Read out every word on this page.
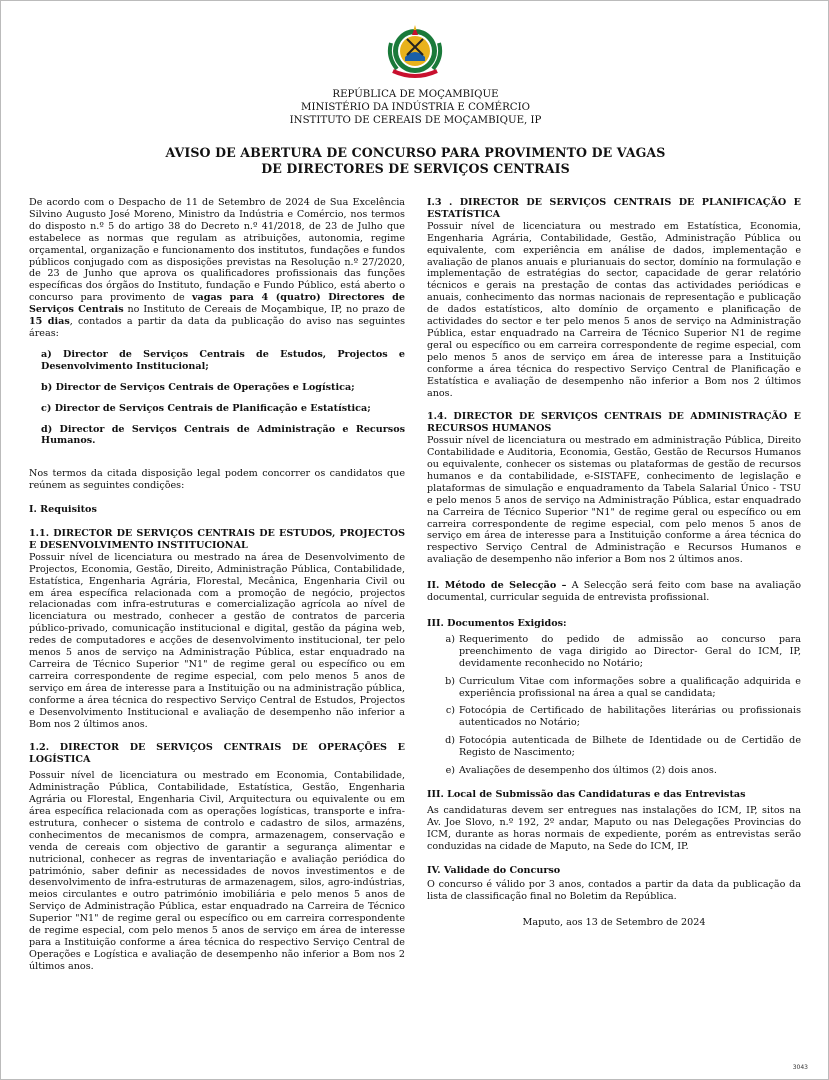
REPÚBLICA DE MOÇAMBIQUE
MINISTÉRIO DA INDÚSTRIA E COMÉRCIO
INSTITUTO DE CEREAIS DE MOÇAMBIQUE, IP
AVISO DE ABERTURA DE CONCURSO PARA PROVIMENTO DE VAGAS
DE DIRECTORES DE SERVIÇOS CENTRAIS

De acordo com o Despacho de 11 de Setembro de 2024 de Sua Excelência Silvino Augusto José Moreno, Ministro da Indústria e Comércio, nos termos do disposto n.º 5 do artigo 38 do Decreto n.º 41/2018, de 23 de Julho que estabelece as normas que regulam as atribuições, autonomia, regime orçamental, organização e funcionamento dos institutos, fundações e fundos públicos conjugado com as disposições previstas na Resolução n.º 27/2020, de 23 de Junho que aprova os qualificadores profissionais das funções específicas dos órgãos do Instituto, fundação e Fundo Público, está aberto o concurso para provimento de vagas para 4 (quatro) Directores de Serviços Centrais no Instituto de Cereais de Moçambique, IP, no prazo de 15 dias, contados a partir da data da publicação do aviso nas seguintes áreas:

a) Director de Serviços Centrais de Estudos, Projectos e Desenvolvimento Institucional;
b) Director de Serviços Centrais de Operações e Logística;
c) Director de Serviços Centrais de Planificação e Estatística;
d) Director de Serviços Centrais de Administração e Recursos Humanos.

Nos termos da citada disposição legal podem concorrer os candidatos que reúnem as seguintes condições:

I. Requisitos

1.1. DIRECTOR DE SERVIÇOS CENTRAIS DE ESTUDOS, PROJECTOS E DESENVOLVIMENTO INSTITUCIONAL

Possuir nível de licenciatura ou mestrado na área de Desenvolvimento de Projectos, Economia, Gestão, Direito, Administração Pública, Contabilidade, Estatística, Engenharia Agrária, Florestal, Mecânica, Engenharia Civil ou em área específica relacionada com a promoção de negócio, projectos relacionadas com infra-estruturas e comercialização agrícola ao nível de licenciatura ou mestrado, conhecer a gestão de contratos de parceria público-privado, comunicação institucional e digital, gestão da página web, redes de computadores e acções de desenvolvimento institucional, ter pelo menos 5 anos de serviço na Administração Pública, estar enquadrado na Carreira de Técnico Superior "N1" de regime geral ou específico ou em carreira correspondente de regime especial, com pelo menos 5 anos de serviço em área de interesse para a Instituição ou na administração pública, conforme a área técnica do respectivo Serviço Central de Estudos, Projectos e Desenvolvimento Institucional e avaliação de desempenho não inferior a Bom nos 2 últimos anos.

1.2. DIRECTOR DE SERVIÇOS CENTRAIS DE OPERAÇÕES E LOGÍSTICA

Possuir nível de licenciatura ou mestrado em Economia, Contabilidade, Administração Pública, Contabilidade, Estatística, Gestão, Engenharia Agrária ou Florestal, Engenharia Civil, Arquitectura ou equivalente ou em área específica relacionada com as operações logísticas, transporte e infra-estrutura, conhecer o sistema de controlo e cadastro de silos, armazéns, conhecimentos de mecanismos de compra, armazenagem, conservação e venda de cereais com objectivo de garantir a segurança alimentar e nutricional, conhecer as regras de inventariação e avaliação periódica do património, saber definir as necessidades de novos investimentos e de desenvolvimento de infra-estruturas de armazenagem, silos, agro-indústrias, meios circulantes e outro património imobiliária e pelo menos 5 anos de Serviço de Administração Pública, estar enquadrado na Carreira de Técnico Superior "N1" de regime geral ou específico ou em carreira correspondente de regime especial, com pelo menos 5 anos de serviço em área de interesse para a Instituição conforme a área técnica do respectivo Serviço Central de Operações e Logística e avaliação de desempenho não inferior a Bom nos 2 últimos anos.

I.3 . DIRECTOR DE SERVIÇOS CENTRAIS DE PLANIFICAÇÃO E ESTATÍSTICA

Possuir nível de licenciatura ou mestrado em Estatística, Economia, Engenharia Agrária, Contabilidade, Gestão, Administração Pública ou equivalente, com experiência em análise de dados, implementação e avaliação de planos anuais e plurianuais do sector, domínio na formulação e implementação de estratégias do sector, capacidade de gerar relatório técnicos e gerais na prestação de contas das actividades periódicas e anuais, conhecimento das normas nacionais de representação e publicação de dados estatísticos, alto domínio de orçamento e planificação de actividades do sector e ter pelo menos 5 anos de serviço na Administração Pública, estar enquadrado na Carreira de Técnico Superior N1 de regime geral ou específico ou em carreira correspondente de regime especial, com pelo menos 5 anos de serviço em área de interesse para a Instituição conforme a área técnica do respectivo Serviço Central de Planificação e Estatística e avaliação de desempenho não inferior a Bom nos 2 últimos anos.

1.4. DIRECTOR DE SERVIÇOS CENTRAIS DE ADMINISTRAÇÃO E RECURSOS HUMANOS

Possuir nível de licenciatura ou mestrado em administração Pública, Direito Contabilidade e Auditoria, Economia, Gestão, Gestão de Recursos Humanos ou equivalente, conhecer os sistemas ou plataformas de gestão de recursos humanos e da contabilidade, e-SISTAFE, conhecimento de legislação e plataformas de simulação e enquadramento da Tabela Salarial Único - TSU e pelo menos 5 anos de serviço na Administração Pública, estar enquadrado na Carreira de Técnico Superior "N1" de regime geral ou específico ou em carreira correspondente de regime especial, com pelo menos 5 anos de serviço em área de interesse para a Instituição conforme a área técnica do respectivo Serviço Central de Administração e Recursos Humanos e avaliação de desempenho não inferior a Bom nos 2 últimos anos.

II. Método de Selecção – A Selecção será feito com base na avaliação documental, curricular seguida de entrevista profissional.

III. Documentos Exigidos:

a) Requerimento do pedido de admissão ao concurso para preenchimento de vaga dirigido ao Director- Geral do ICM, IP, devidamente reconhecido no Notário;
b) Curriculum Vitae com informações sobre a qualificação adquirida e experiência profissional na área a qual se candidata;
c) Fotocópia de Certificado de habilitações literárias ou profissionais autenticados no Notário;
d) Fotocópia autenticada de Bilhete de Identidade ou de Certidão de Registo de Nascimento;
e) Avaliações de desempenho dos últimos (2) dois anos.

III. Local de Submissão das Candidaturas e das Entrevistas

As candidaturas devem ser entregues nas instalações do ICM, IP, sitos na Av. Joe Slovo, n.º 192, 2º andar, Maputo ou nas Delegações Provincias do ICM, durante as horas normais de expediente, porém as entrevistas serão conduzidas na cidade de Maputo, na Sede do ICM, IP.

IV. Validade do Concurso

O concurso é válido por 3 anos, contados a partir da data da publicação da lista de classificação final no Boletim da República.

Maputo, aos 13 de Setembro de 2024

3043
